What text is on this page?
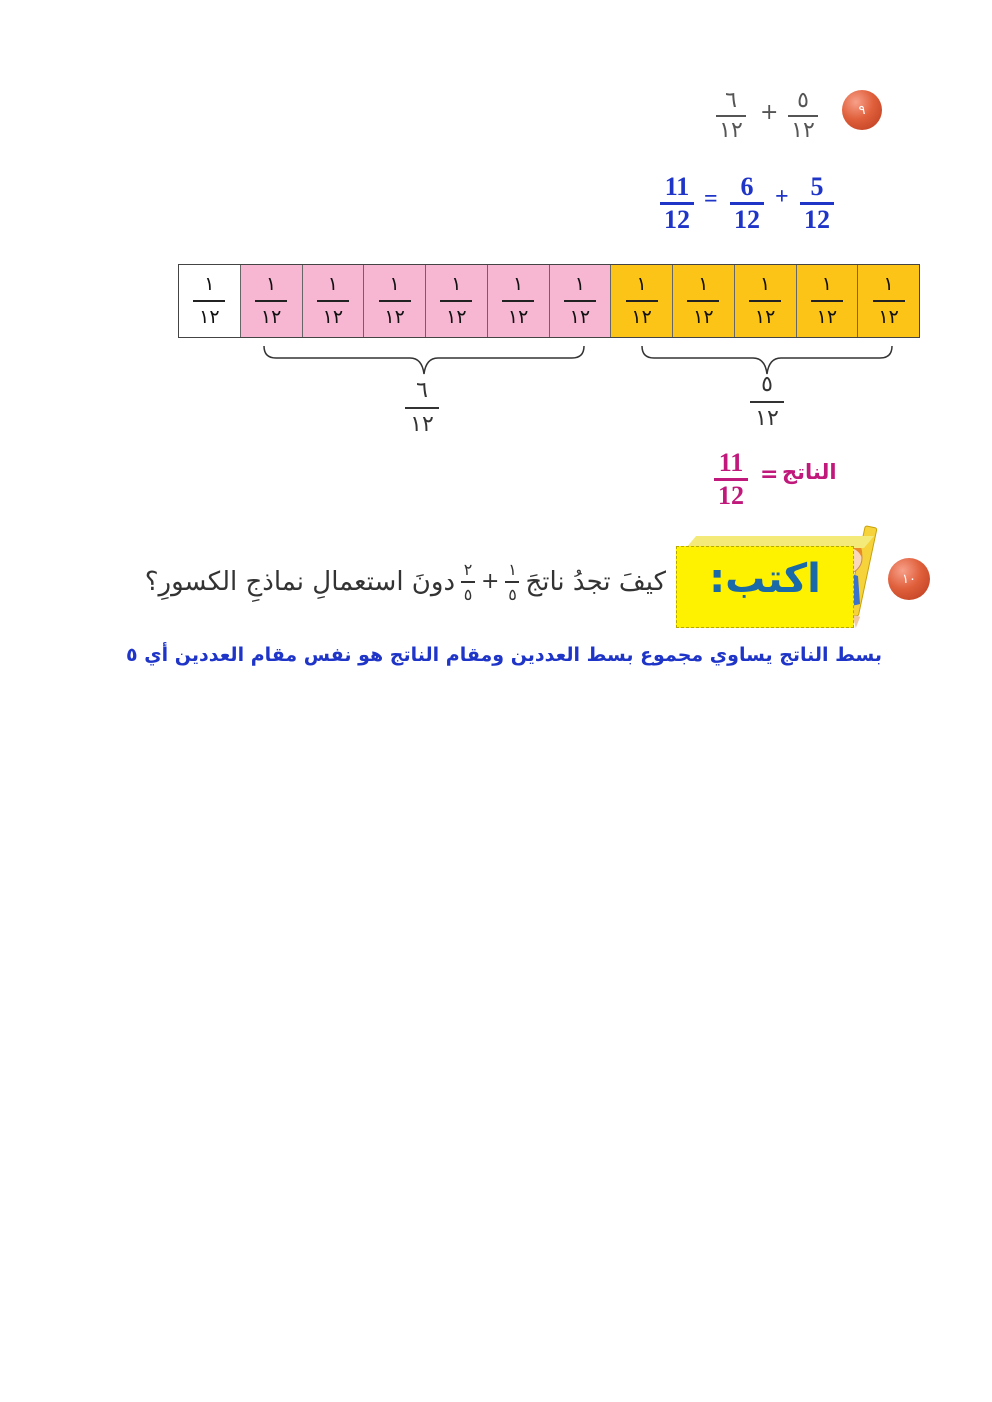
٩
٥
١٢
+
٦
١٢
11
12
= 6
12
+ 5
12
$\frac{١}{١٢} \frac{١}{١٢} \frac{١}{١٢} \frac{١}{١٢} \frac{١}{١٢} \frac{١}{١٢} \frac{١}{١٢} \frac{١}{١٢} \frac{١}{١٢} \frac{١}{١٢} \frac{١}{١٢} \frac{١}{١٢}$
٦
١٢
٥
١٢
11
12
= الناتج
١٠
اكتب:
كيفَ تجدُ ناتجَ
$\frac{١}{٥}$
+
$\frac{٢}{٥}$
دونَ استعمالِ نماذجِ الكسورِ؟
بسط الناتج يساوي مجموع بسط العددين ومقام الناتج هو نفس مقام العددين أي ٥
